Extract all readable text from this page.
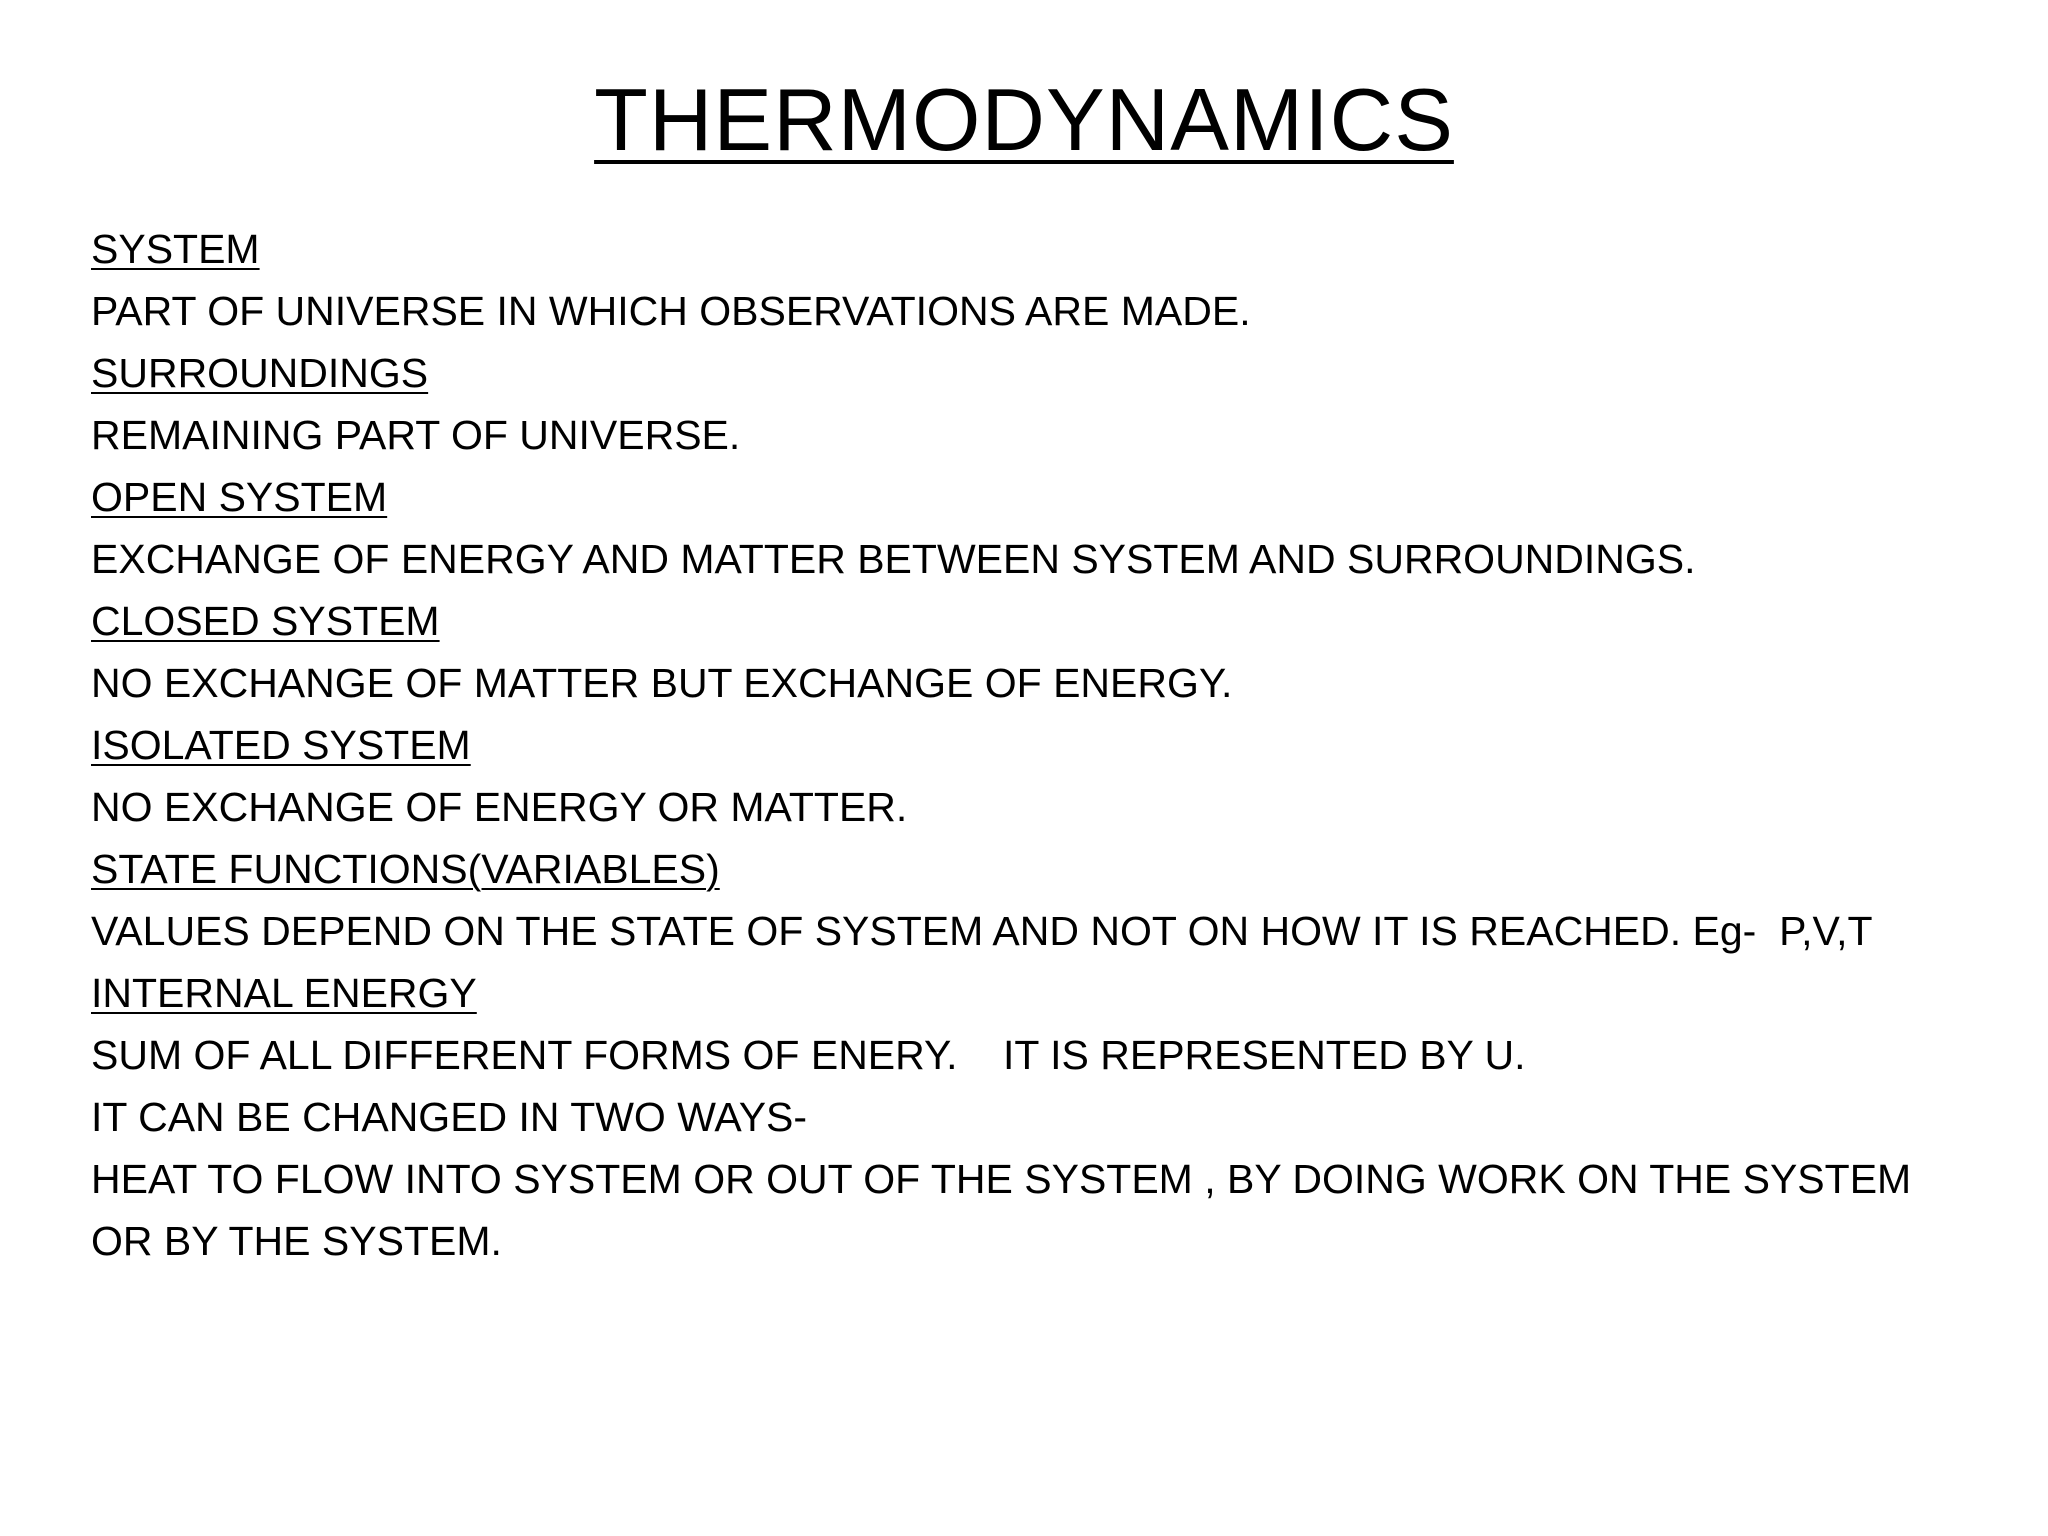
THERMODYNAMICS

SYSTEM

PART OF UNIVERSE IN WHICH OBSERVATIONS ARE MADE.

SURROUNDINGS

REMAINING PART OF UNIVERSE.

OPEN SYSTEM

EXCHANGE OF ENERGY AND MATTER BETWEEN SYSTEM AND SURROUNDINGS.

CLOSED SYSTEM

NO EXCHANGE OF MATTER BUT EXCHANGE OF ENERGY.

ISOLATED SYSTEM

NO EXCHANGE OF ENERGY OR MATTER.

STATE FUNCTIONS(VARIABLES)

VALUES DEPEND ON THE STATE OF SYSTEM AND NOT ON HOW IT IS REACHED. Eg-  P,V,T

INTERNAL ENERGY

SUM OF ALL DIFFERENT FORMS OF ENERY.    IT IS REPRESENTED BY U.

IT CAN BE CHANGED IN TWO WAYS-

HEAT TO FLOW INTO SYSTEM OR OUT OF THE SYSTEM , BY DOING WORK ON THE SYSTEM

OR BY THE SYSTEM.
